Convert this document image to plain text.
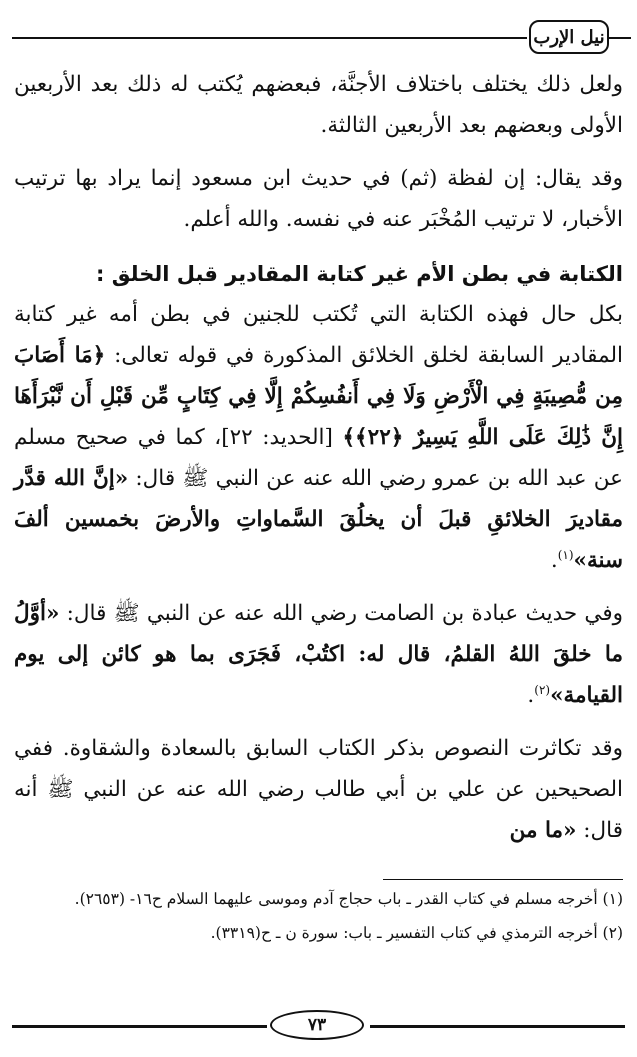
نيل الإرب

ولعل ذلك يختلف باختلاف الأجنَّة، فبعضهم يُكتب له ذلك بعد الأربعين الأولى وبعضهم بعد الأربعين الثالثة.

وقد يقال: إن لفظة (ثم) في حديث ابن مسعود إنما يراد بها ترتيب الأخبار، لا ترتيب المُخْبَر عنه في نفسه. والله أعلم.

الكتابة في بطن الأم غير كتابة المقادير قبل الخلق :

بكل حال فهذه الكتابة التي تُكتب للجنين في بطن أمه غير كتابة المقادير السابقة لخلق الخلائق المذكورة في قوله تعالى: ﴿مَا أَصَابَ مِن مُّصِيبَةٍ فِي الْأَرْضِ وَلَا فِي أَنفُسِكُمْ إِلَّا فِي كِتَابٍ مِّن قَبْلِ أَن نَّبْرَأَهَا إِنَّ ذَٰلِكَ عَلَى اللَّهِ يَسِيرٌ ﴿٢٢﴾﴾ [الحديد: ٢٢]، كما في صحيح مسلم عن عبد الله بن عمرو رضي الله عنه عن النبي ﷺ قال: «إنَّ الله قدَّر مقاديرَ الخلائقِ قبلَ أن يخلُقَ السَّماواتِ والأرضَ بخمسين ألفَ سنة»$^{(١)}$.

وفي حديث عبادة بن الصامت رضي الله عنه عن النبي ﷺ قال: «أوَّلُ ما خلقَ اللهُ القلمُ، قال له: اكتُبْ، فَجَرَى بما هو كائن إلى يوم القيامة»$^{(٢)}$.

وقد تكاثرت النصوص بذكر الكتاب السابق بالسعادة والشقاوة. ففي الصحيحين عن علي بن أبي طالب رضي الله عنه عن النبي ﷺ أنه قال: «ما من

(١) أخرجه مسلم في كتاب القدر ـ باب حجاج آدم وموسى عليهما السلام ح١٦- (٢٦٥٣).

(٢) أخرجه الترمذي في كتاب التفسير ـ باب: سورة ن ـ ح(٣٣١٩).

٧٣
